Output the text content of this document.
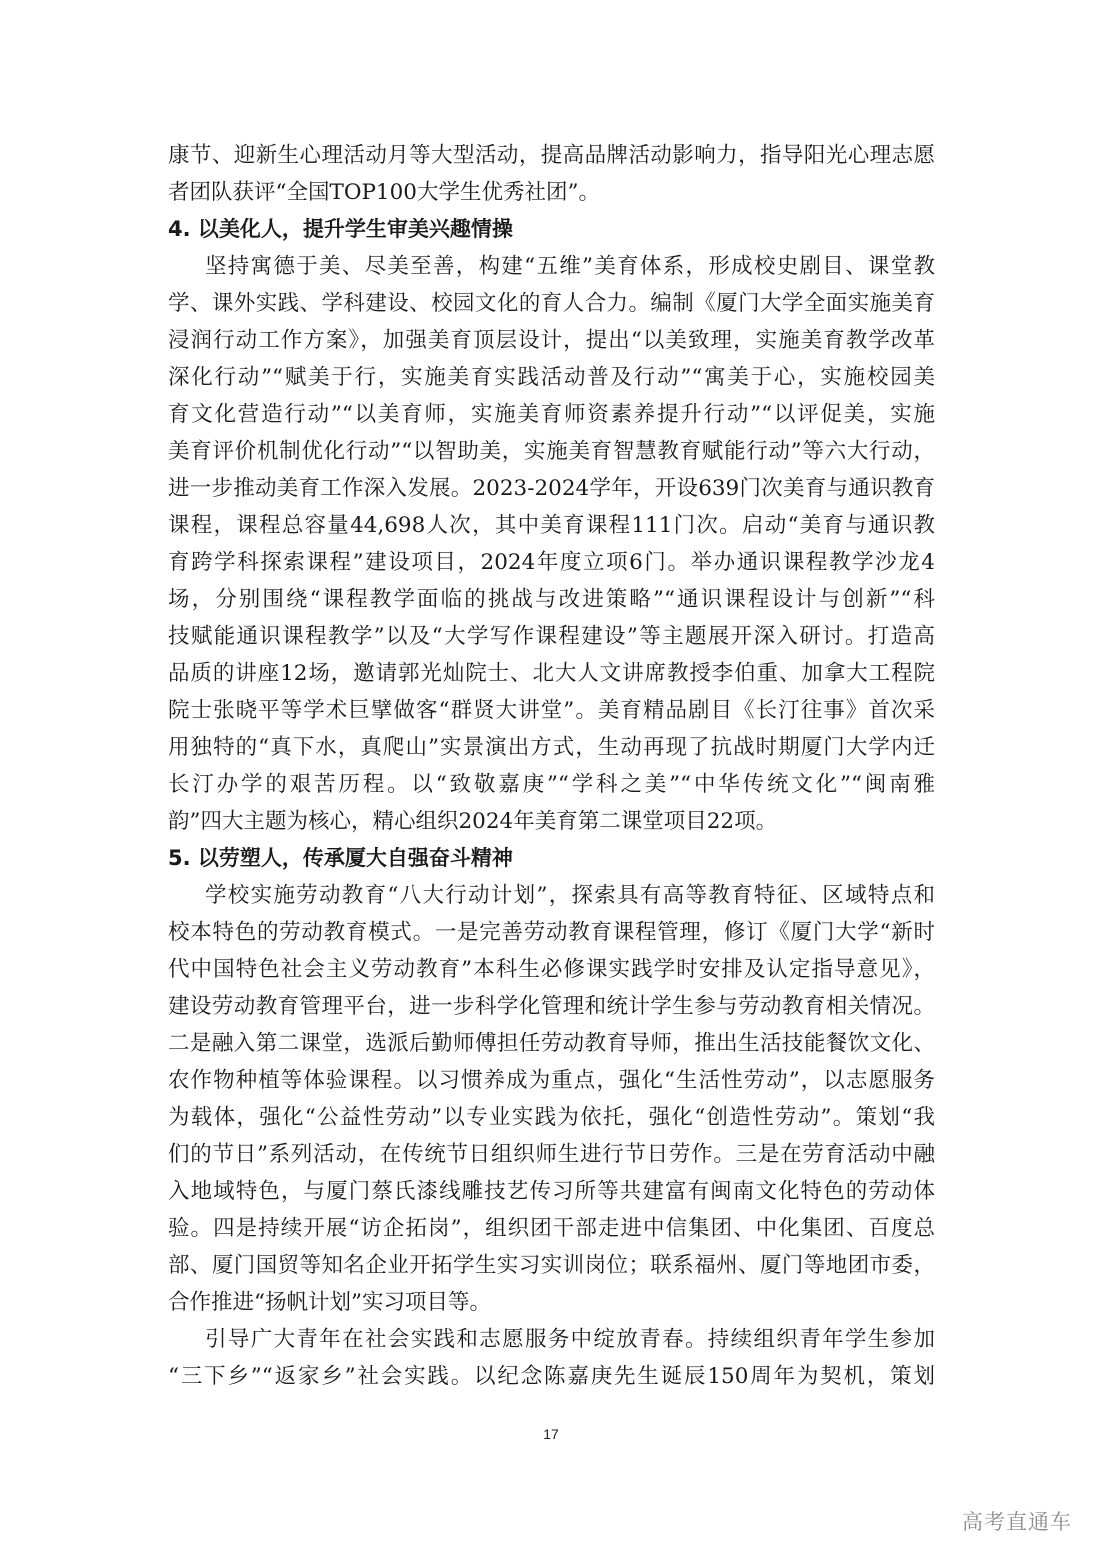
康节、迎新生心理活动月等大型活动，提高品牌活动影响力，指导阳光心理志愿
者团队获评“全国TOP100大学生优秀社团”。
4. 以美化人，提升学生审美兴趣情操
坚持寓德于美、尽美至善，构建“五维”美育体系，形成校史剧目、课堂教
学、课外实践、学科建设、校园文化的育人合力。编制《厦门大学全面实施美育
浸润行动工作方案》，加强美育顶层设计，提出“以美致理，实施美育教学改革
深化行动”“赋美于行，实施美育实践活动普及行动”“寓美于心，实施校园美
育文化营造行动”“以美育师，实施美育师资素养提升行动”“以评促美，实施
美育评价机制优化行动”“以智助美，实施美育智慧教育赋能行动”等六大行动，
进一步推动美育工作深入发展。2023-2024学年，开设639门次美育与通识教育
课程，课程总容量44,698人次，其中美育课程111门次。启动“美育与通识教
育跨学科探索课程”建设项目，2024年度立项6门。举办通识课程教学沙龙4
场，分别围绕“课程教学面临的挑战与改进策略”“通识课程设计与创新”“科
技赋能通识课程教学”以及“大学写作课程建设”等主题展开深入研讨。打造高
品质的讲座12场，邀请郭光灿院士、北大人文讲席教授李伯重、加拿大工程院
院士张晓平等学术巨擘做客“群贤大讲堂”。美育精品剧目《长汀往事》首次采
用独特的“真下水，真爬山”实景演出方式，生动再现了抗战时期厦门大学内迁
长汀办学的艰苦历程。以“致敬嘉庚”“学科之美”“中华传统文化”“闽南雅
韵”四大主题为核心，精心组织2024年美育第二课堂项目22项。
5. 以劳塑人，传承厦大自强奋斗精神
学校实施劳动教育“八大行动计划”，探索具有高等教育特征、区域特点和
校本特色的劳动教育模式。一是完善劳动教育课程管理，修订《厦门大学“新时
代中国特色社会主义劳动教育”本科生必修课实践学时安排及认定指导意见》，
建设劳动教育管理平台，进一步科学化管理和统计学生参与劳动教育相关情况。
二是融入第二课堂，选派后勤师傅担任劳动教育导师，推出生活技能餐饮文化、
农作物种植等体验课程。以习惯养成为重点，强化“生活性劳动”，以志愿服务
为载体，强化“公益性劳动”以专业实践为依托，强化“创造性劳动”。策划“我
们的节日”系列活动，在传统节日组织师生进行节日劳作。三是在劳育活动中融
入地域特色，与厦门蔡氏漆线雕技艺传习所等共建富有闽南文化特色的劳动体
验。四是持续开展“访企拓岗”，组织团干部走进中信集团、中化集团、百度总
部、厦门国贸等知名企业开拓学生实习实训岗位；联系福州、厦门等地团市委，
合作推进“扬帆计划”实习项目等。
引导广大青年在社会实践和志愿服务中绽放青春。持续组织青年学生参加
“三下乡”“返家乡”社会实践。以纪念陈嘉庚先生诞辰150周年为契机，策划
17
高考直通车
